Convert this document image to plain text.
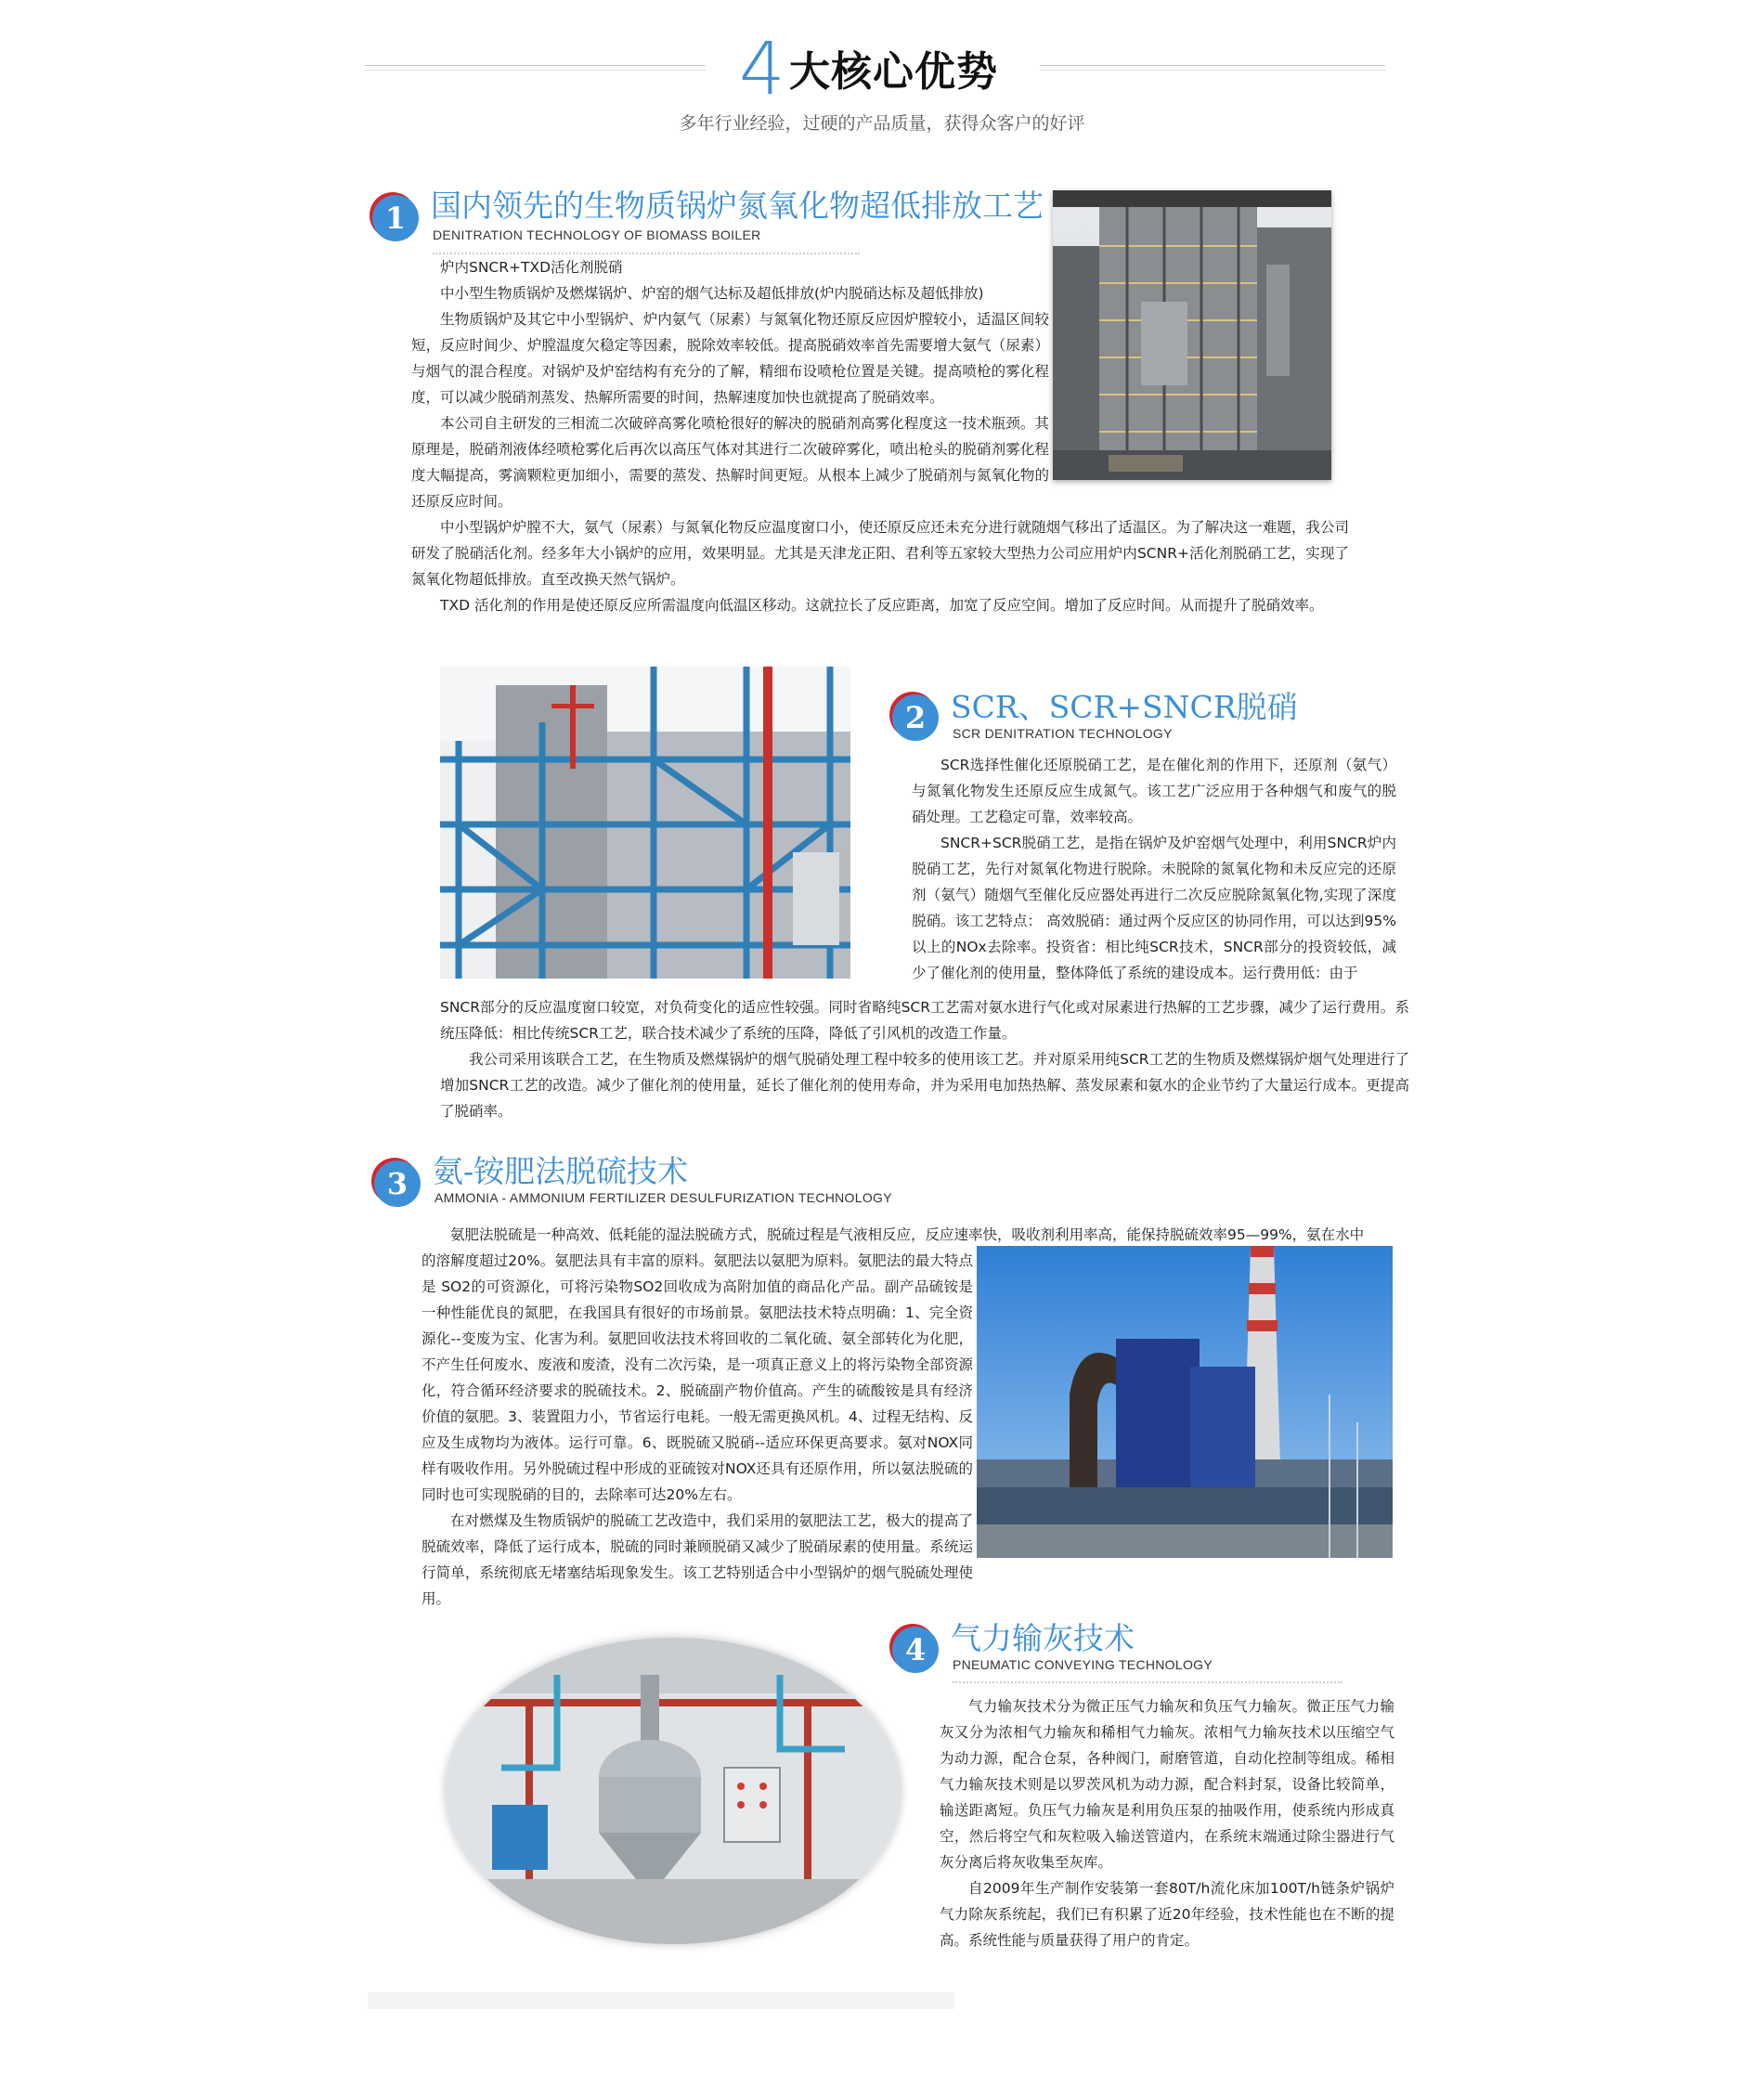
4 大核心优势
多年行业经验，过硬的产品质量，获得众客户的好评
1 国内领先的生物质锅炉氮氧化物超低排放工艺
DENITRATION TECHNOLOGY OF BIOMASS BOILER

炉内SNCR+TXD活化剂脱硝

中小型生物质锅炉及燃煤锅炉、炉窑的烟气达标及超低排放(炉内脱硝达标及超低排放)

生物质锅炉及其它中小型锅炉、炉内氨气（尿素）与氮氧化物还原反应因炉膛较小，适温区间较短，反应时间少、炉膛温度欠稳定等因素，脱除效率较低。提高脱硝效率首先需要增大氨气（尿素）与烟气的混合程度。对锅炉及炉窑结构有充分的了解，精细布设喷枪位置是关键。提高喷枪的雾化程度，可以减少脱硝剂蒸发、热解所需要的时间，热解速度加快也就提高了脱硝效率。

本公司自主研发的三相流二次破碎高雾化喷枪很好的解决的脱硝剂高雾化程度这一技术瓶颈。其原理是，脱硝剂液体经喷枪雾化后再次以高压气体对其进行二次破碎雾化，喷出枪头的脱硝剂雾化程度大幅提高，雾滴颗粒更加细小，需要的蒸发、热解时间更短。从根本上减少了脱硝剂与氮氧化物的还原反应时间。

中小型锅炉炉膛不大，氨气（尿素）与氮氧化物反应温度窗口小，使还原反应还未充分进行就随烟气移出了适温区。为了解决这一难题，我公司研发了脱硝活化剂。经多年大小锅炉的应用，效果明显。尤其是天津龙正阳、君利等五家较大型热力公司应用炉内SCNR+活化剂脱硝工艺，实现了氮氧化物超低排放。直至改换天然气锅炉。

TXD 活化剂的作用是使还原反应所需温度向低温区移动。这就拉长了反应距离，加宽了反应空间。增加了反应时间。从而提升了脱硝效率。

2 SCR、SCR+SNCR脱硝
SCR DENITRATION TECHNOLOGY

SCR选择性催化还原脱硝工艺，是在催化剂的作用下，还原剂（氨气）与氮氧化物发生还原反应生成氮气。该工艺广泛应用于各种烟气和废气的脱硝处理。工艺稳定可靠，效率较高。

SNCR+SCR脱硝工艺，是指在锅炉及炉窑烟气处理中，利用SNCR炉内脱硝工艺，先行对氮氧化物进行脱除。未脱除的氮氧化物和未反应完的还原剂（氨气）随烟气至催化反应器处再进行二次反应脱除氮氧化物,实现了深度脱硝。该工艺特点： 高效脱硝：通过两个反应区的协同作用，可以达到95%以上的NOx去除率。投资省：相比纯SCR技术，SNCR部分的投资较低，减少了催化剂的使用量，整体降低了系统的建设成本。运行费用低：由于

SNCR部分的反应温度窗口较宽，对负荷变化的适应性较强。同时省略纯SCR工艺需对氨水进行气化或对尿素进行热解的工艺步骤，减少了运行费用。系统压降低：相比传统SCR工艺，联合技术减少了系统的压降，降低了引风机的改造工作量。

我公司采用该联合工艺，在生物质及燃煤锅炉的烟气脱硝处理工程中较多的使用该工艺。并对原采用纯SCR工艺的生物质及燃煤锅炉烟气处理进行了增加SNCR工艺的改造。减少了催化剂的使用量，延长了催化剂的使用寿命，并为采用电加热热解、蒸发尿素和氨水的企业节约了大量运行成本。更提高了脱硝率。

3 氨-铵肥法脱硫技术
AMMONIA - AMMONIUM FERTILIZER DESULFURIZATION TECHNOLOGY

氨肥法脱硫是一种高效、低耗能的湿法脱硫方式，脱硫过程是气液相反应，反应速率快，吸收剂利用率高，能保持脱硫效率95—99%，氨在水中

的溶解度超过20%。氨肥法具有丰富的原料。氨肥法以氨肥为原料。氨肥法的最大特点是 SO2的可资源化，可将污染物SO2回收成为高附加值的商品化产品。副产品硫铵是一种性能优良的氮肥，在我国具有很好的市场前景。氨肥法技术特点明确：1、完全资源化--变废为宝、化害为利。氨肥回收法技术将回收的二氧化硫、氨全部转化为化肥，不产生任何废水、废液和废渣，没有二次污染，是一项真正意义上的将污染物全部资源化，符合循环经济要求的脱硫技术。2、脱硫副产物价值高。产生的硫酸铵是具有经济价值的氨肥。3、装置阻力小，节省运行电耗。一般无需更换风机。4、过程无结构、反应及生成物均为液体。运行可靠。6、既脱硫又脱硝--适应环保更高要求。氨对NOX同样有吸收作用。另外脱硫过程中形成的亚硫铵对NOX还具有还原作用，所以氨法脱硫的同时也可实现脱硝的目的，去除率可达20%左右。

在对燃煤及生物质锅炉的脱硫工艺改造中，我们采用的氨肥法工艺，极大的提高了脱硫效率，降低了运行成本，脱硫的同时兼顾脱硝又减少了脱硝尿素的使用量。系统运行简单，系统彻底无堵塞结垢现象发生。该工艺特别适合中小型锅炉的烟气脱硫处理使用。

4 气力输灰技术
PNEUMATIC CONVEYING TECHNOLOGY

气力输灰技术分为微正压气力输灰和负压气力输灰。微正压气力输灰又分为浓相气力输灰和稀相气力输灰。浓相气力输灰技术以压缩空气为动力源，配合仓泵，各种阀门，耐磨管道，自动化控制等组成。稀相气力输灰技术则是以罗茨风机为动力源，配合料封泵，设备比较简单，输送距离短。负压气力输灰是利用负压泵的抽吸作用，使系统内形成真空，然后将空气和灰粒吸入输送管道内，在系统末端通过除尘器进行气灰分离后将灰收集至灰库。

自2009年生产制作安装第一套80T/h流化床加100T/h链条炉锅炉气力除灰系统起，我们已有积累了近20年经验，技术性能也在不断的提高。系统性能与质量获得了用户的肯定。
